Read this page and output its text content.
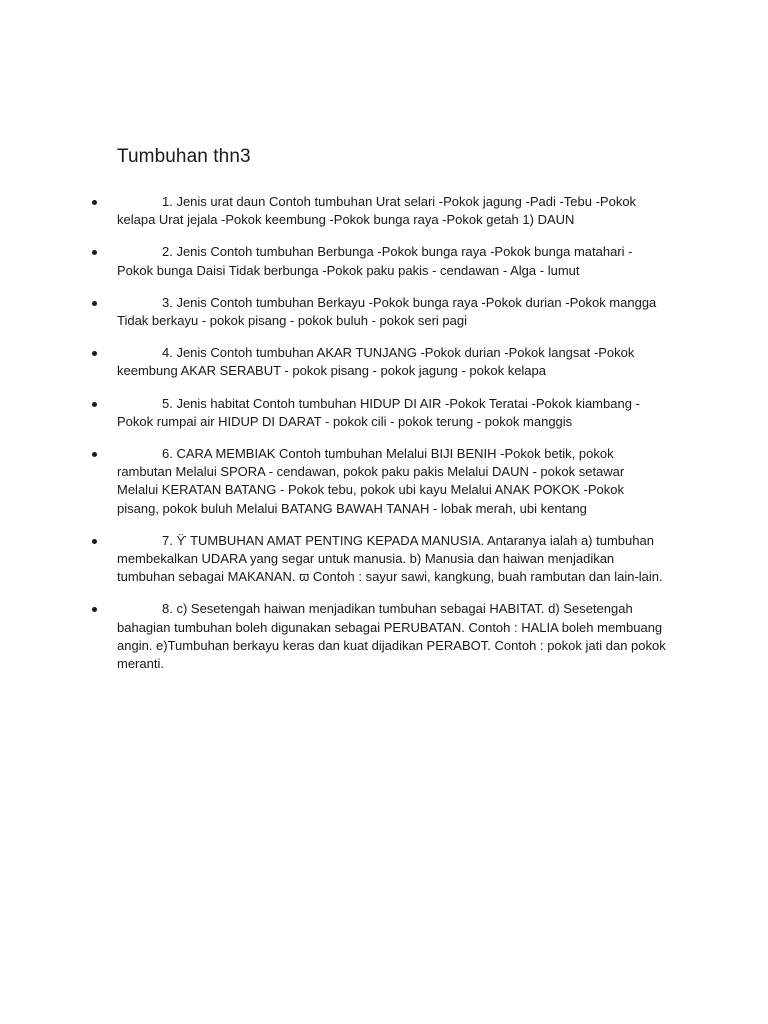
Tumbuhan thn3
1. Jenis urat daun Contoh tumbuhan Urat selari -Pokok jagung -Padi -Tebu -Pokok kelapa Urat jejala -Pokok keembung -Pokok bunga raya -Pokok getah 1) DAUN
2. Jenis Contoh tumbuhan Berbunga -Pokok bunga raya -Pokok bunga matahari -Pokok bunga Daisi Tidak berbunga -Pokok paku pakis - cendawan - Alga - lumut
3. Jenis Contoh tumbuhan Berkayu -Pokok bunga raya -Pokok durian -Pokok mangga Tidak berkayu - pokok pisang - pokok buluh - pokok seri pagi
4. Jenis Contoh tumbuhan AKAR TUNJANG -Pokok durian -Pokok langsat -Pokok keembung AKAR SERABUT - pokok pisang - pokok jagung - pokok kelapa
5. Jenis habitat Contoh tumbuhan HIDUP DI AIR -Pokok Teratai -Pokok kiambang -Pokok rumpai air HIDUP DI DARAT - pokok cili - pokok terung - pokok manggis
6. CARA MEMBIAK Contoh tumbuhan Melalui BIJI BENIH -Pokok betik, pokok rambutan Melalui SPORA - cendawan, pokok paku pakis Melalui DAUN - pokok setawar Melalui KERATAN BATANG - Pokok tebu, pokok ubi kayu Melalui ANAK POKOK -Pokok pisang, pokok buluh Melalui BATANG BAWAH TANAH - lobak merah, ubi kentang
7. ϔ TUMBUHAN AMAT PENTING KEPADA MANUSIA. Antaranya ialah a) tumbuhan membekalkan UDARA yang segar untuk manusia. b) Manusia dan haiwan menjadikan tumbuhan sebagai MAKANAN. ϖ Contoh : sayur sawi, kangkung, buah rambutan dan lain-lain.
8. c) Sesetengah haiwan menjadikan tumbuhan sebagai HABITAT. d) Sesetengah bahagian tumbuhan boleh digunakan sebagai PERUBATAN. Contoh : HALIA boleh membuang angin. e)Tumbuhan berkayu keras dan kuat dijadikan PERABOT. Contoh : pokok jati dan pokok meranti.
